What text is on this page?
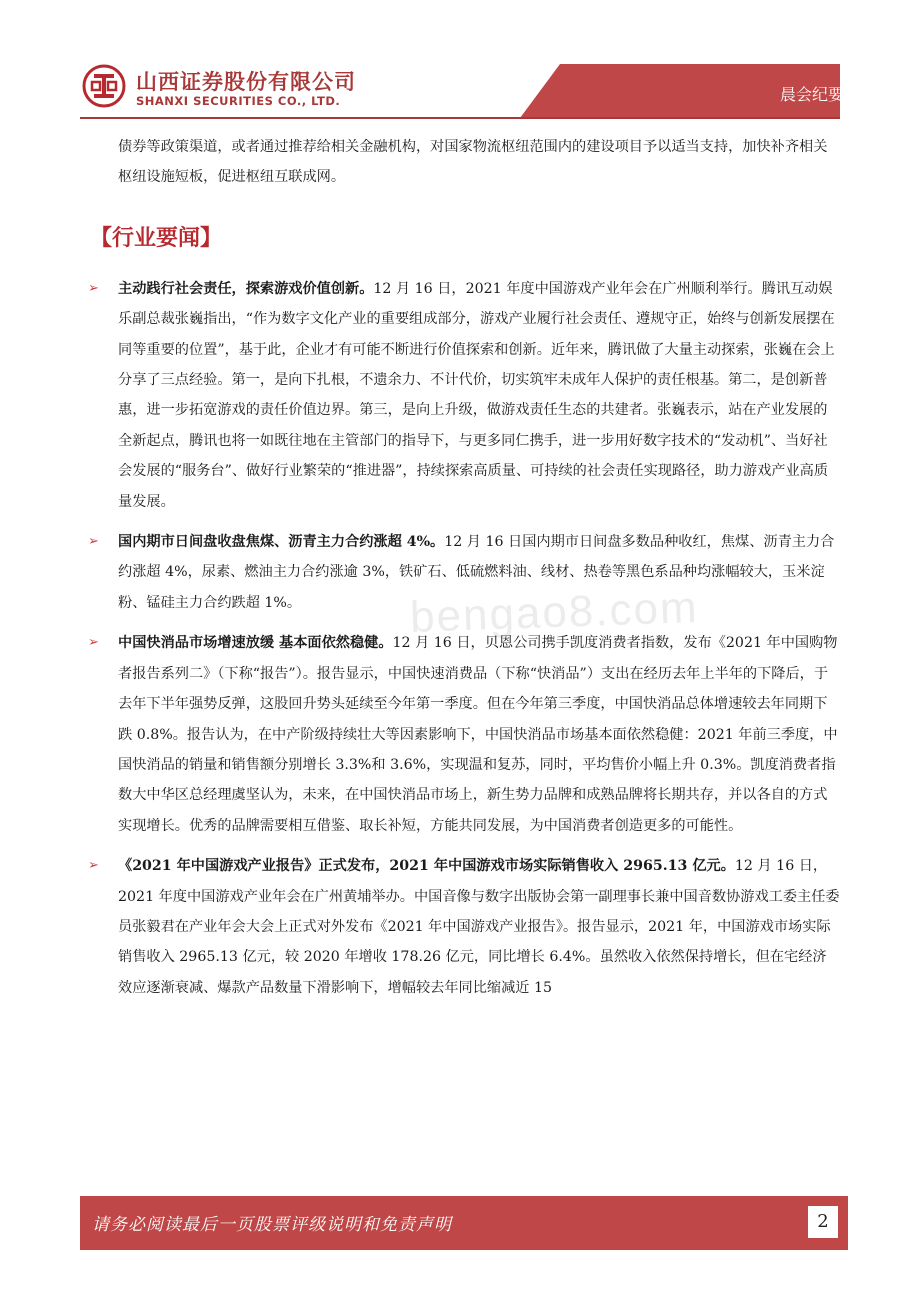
山西证券股份有限公司
SHANXI SECURITIES CO., LTD.	晨会纪要
bengao8.com
债券等政策渠道，或者通过推荐给相关金融机构，对国家物流枢纽范围内的建设项目予以适当支持，加快补齐相关枢纽设施短板，促进枢纽互联成网。
【行业要闻】
➢ 主动践行社会责任，探索游戏价值创新。12 月 16 日，2021 年度中国游戏产业年会在广州顺利举行。腾讯互动娱乐副总裁张巍指出，“作为数字文化产业的重要组成部分，游戏产业履行社会责任、遵规守正，始终与创新发展摆在同等重要的位置”，基于此，企业才有可能不断进行价值探索和创新。近年来，腾讯做了大量主动探索，张巍在会上分享了三点经验。第一，是向下扎根，不遗余力、不计代价，切实筑牢未成年人保护的责任根基。第二，是创新普惠，进一步拓宽游戏的责任价值边界。第三，是向上升级，做游戏责任生态的共建者。张巍表示，站在产业发展的全新起点，腾讯也将一如既往地在主管部门的指导下，与更多同仁携手，进一步用好数字技术的“发动机”、当好社会发展的“服务台”、做好行业繁荣的“推进器”，持续探索高质量、可持续的社会责任实现路径，助力游戏产业高质量发展。
➢ 国内期市日间盘收盘焦煤、沥青主力合约涨超 4%。12 月 16 日国内期市日间盘多数品种收红，焦煤、沥青主力合约涨超 4%，尿素、燃油主力合约涨逾 3%，铁矿石、低硫燃料油、线材、热卷等黑色系品种均涨幅较大，玉米淀粉、锰硅主力合约跌超 1%。
➢ 中国快消品市场增速放缓 基本面依然稳健。12 月 16 日，贝恩公司携手凯度消费者指数，发布《2021 年中国购物者报告系列二》（下称“报告”）。报告显示，中国快速消费品（下称“快消品”）支出在经历去年上半年的下降后，于去年下半年强势反弹，这股回升势头延续至今年第一季度。但在今年第三季度，中国快消品总体增速较去年同期下跌 0.8%。报告认为，在中产阶级持续壮大等因素影响下，中国快消品市场基本面依然稳健：2021 年前三季度，中国快消品的销量和销售额分别增长 3.3%和 3.6%，实现温和复苏，同时，平均售价小幅上升 0.3%。凯度消费者指数大中华区总经理虞坚认为，未来，在中国快消品市场上，新生势力品牌和成熟品牌将长期共存，并以各自的方式实现增长。优秀的品牌需要相互借鉴、取长补短，方能共同发展，为中国消费者创造更多的可能性。
➢ 《2021 年中国游戏产业报告》正式发布，2021 年中国游戏市场实际销售收入 2965.13 亿元。12 月 16 日，2021 年度中国游戏产业年会在广州黄埔举办。中国音像与数字出版协会第一副理事长兼中国音数协游戏工委主任委员张毅君在产业年会大会上正式对外发布《2021 年中国游戏产业报告》。报告显示，2021 年，中国游戏市场实际销售收入 2965.13 亿元，较 2020 年增收 178.26 亿元，同比增长 6.4%。虽然收入依然保持增长，但在宅经济效应逐渐衰减、爆款产品数量下滑影响下，增幅较去年同比缩减近 15
请务必阅读最后一页股票评级说明和免责声明	2
